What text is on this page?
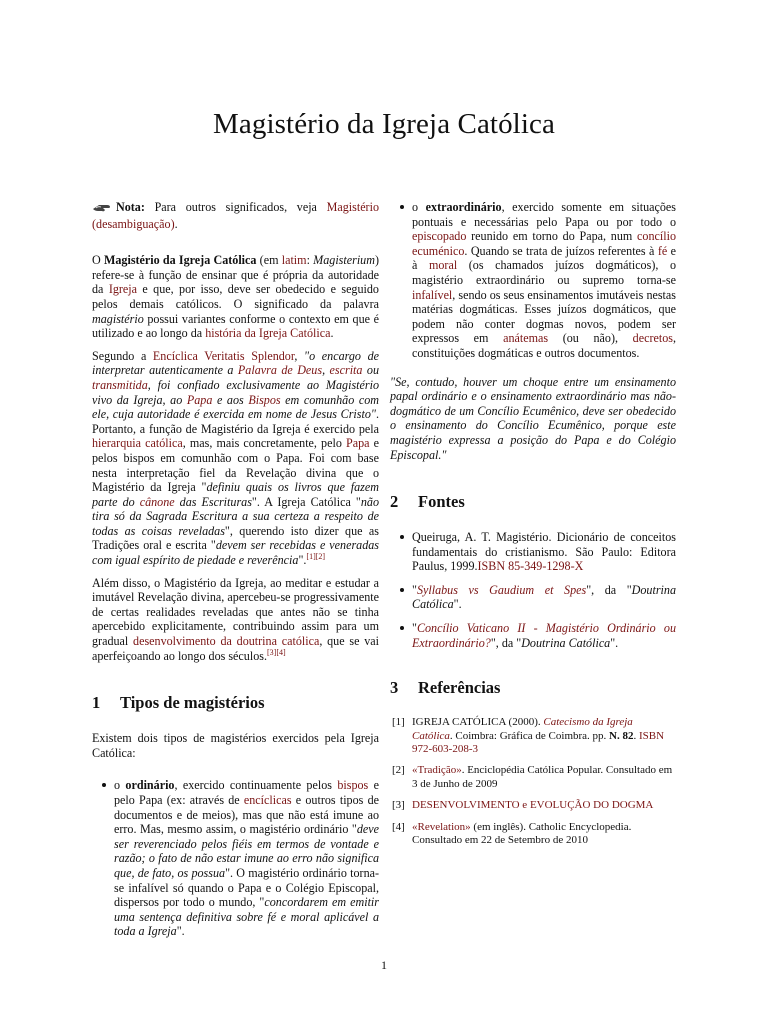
Magistério da Igreja Católica

Nota: Para outros significados, veja Magistério (desambiguação).

O Magistério da Igreja Católica (em latim: Magisterium) refere-se à função de ensinar que é própria da autoridade da Igreja e que, por isso, deve ser obedecido e seguido pelos demais católicos. O significado da palavra magistério possui variantes conforme o contexto em que é utilizado e ao longo da história da Igreja Católica.

Segundo a Encíclica Veritatis Splendor, "o encargo de interpretar autenticamente a Palavra de Deus, escrita ou transmitida, foi confiado exclusivamente ao Magistério vivo da Igreja, ao Papa e aos Bispos em comunhão com ele, cuja autoridade é exercida em nome de Jesus Cristo". Portanto, a função de Magistério da Igreja é exercido pela hierarquia católica, mas, mais concretamente, pelo Papa e pelos bispos em comunhão com o Papa. Foi com base nesta interpretação fiel da Revelação divina que o Magistério da Igreja "definiu quais os livros que fazem parte do cânone das Escrituras". A Igreja Católica "não tira só da Sagrada Escritura a sua certeza a respeito de todas as coisas reveladas", querendo isto dizer que as Tradições oral e escrita "devem ser recebidas e veneradas com igual espírito de piedade e reverência".[1][2]

Além disso, o Magistério da Igreja, ao meditar e estudar a imutável Revelação divina, apercebeu-se progressivamente de certas realidades reveladas que antes não se tinha apercebido explicitamente, contribuindo assim para um gradual desenvolvimento da doutrina católica, que se vai aperfeiçoando ao longo dos séculos.[3][4]

1 Tipos de magistérios

Existem dois tipos de magistérios exercidos pela Igreja Católica:

o ordinário, exercido continuamente pelos bispos e pelo Papa (ex: através de encíclicas e outros tipos de documentos e de meios), mas que não está imune ao erro. Mas, mesmo assim, o magistério ordinário "deve ser reverenciado pelos fiéis em termos de vontade e razão; o fato de não estar imune ao erro não significa que, de fato, os possua". O magistério ordinário torna-se infalível só quando o Papa e o Colégio Episcopal, dispersos por todo o mundo, "concordarem em emitir uma sentença definitiva sobre fé e moral aplicável a toda a Igreja".
o extraordinário, exercido somente em situações pontuais e necessárias pelo Papa ou por todo o episcopado reunido em torno do Papa, num concílio ecuménico. Quando se trata de juízos referentes à fé e à moral (os chamados juízos dogmáticos), o magistério extraordinário ou supremo torna-se infalível, sendo os seus ensinamentos imutáveis nestas matérias dogmáticas. Esses juízos dogmáticos, que podem não conter dogmas novos, podem ser expressos em anátemas (ou não), decretos, constituições dogmáticas e outros documentos.

"Se, contudo, houver um choque entre um ensinamento papal ordinário e o ensinamento extraordinário mas não-dogmático de um Concílio Ecumênico, deve ser obedecido o ensinamento do Concílio Ecumênico, porque este magistério expressa a posição do Papa e do Colégio Episcopal."

2 Fontes
Queiruga, A. T. Magistério. Dicionário de conceitos fundamentais do cristianismo. São Paulo: Editora Paulus, 1999.ISBN 85-349-1298-X
"Syllabus vs Gaudium et Spes", da "Doutrina Católica".
"Concílio Vaticano II - Magistério Ordinário ou Extraordinário?", da "Doutrina Católica".
3 Referências
[1] IGREJA CATÓLICA (2000). Catecismo da Igreja Católica. Coimbra: Gráfica de Coimbra. pp. N. 82. ISBN 972-603-208-3
[2] «Tradição». Enciclopédia Católica Popular. Consultado em 3 de Junho de 2009
[3] DESENVOLVIMENTO e EVOLUÇÃO DO DOGMA
[4] «Revelation» (em inglês). Catholic Encyclopedia. Consultado em 22 de Setembro de 2010
1
